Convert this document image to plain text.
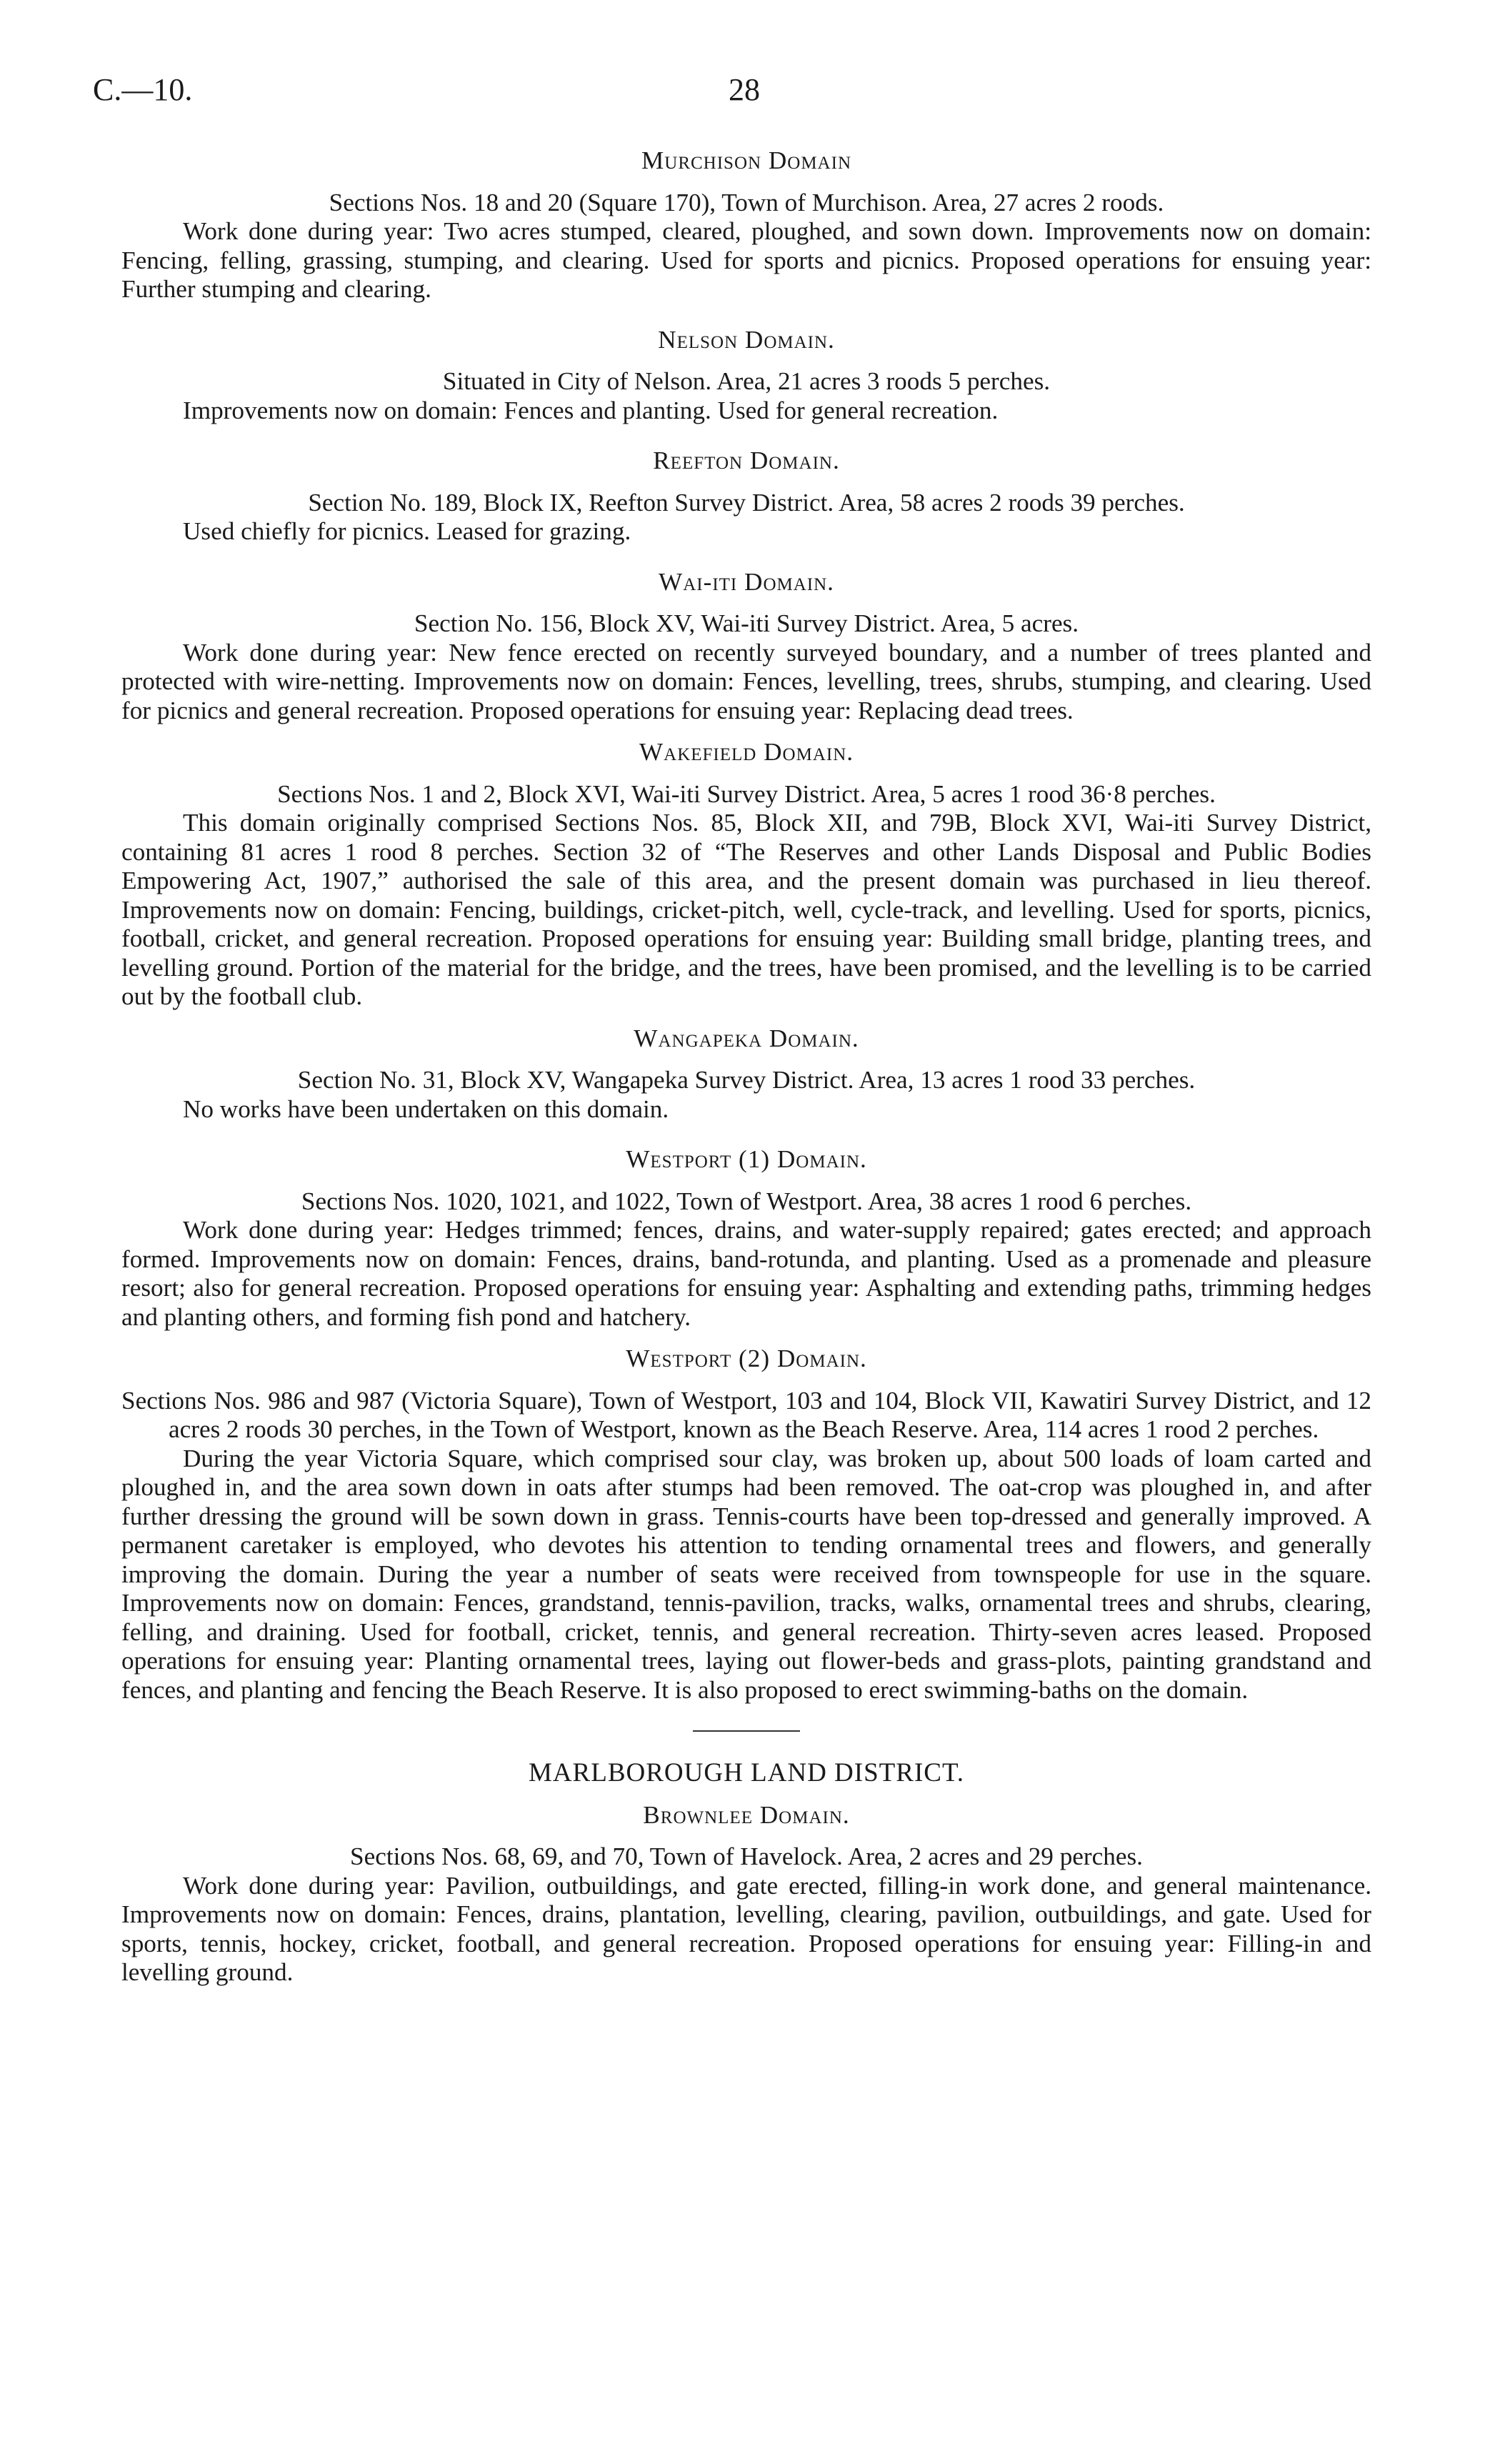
C.—10.	28

Murchison Domain

Sections Nos. 18 and 20 (Square 170), Town of Murchison. Area, 27 acres 2 roods.

Work done during year: Two acres stumped, cleared, ploughed, and sown down. Improvements now on domain: Fencing, felling, grassing, stumping, and clearing. Used for sports and picnics. Proposed operations for ensuing year: Further stumping and clearing.

Nelson Domain.

Situated in City of Nelson. Area, 21 acres 3 roods 5 perches.

Improvements now on domain: Fences and planting. Used for general recreation.

Reefton Domain.

Section No. 189, Block IX, Reefton Survey District. Area, 58 acres 2 roods 39 perches.

Used chiefly for picnics. Leased for grazing.

Wai-iti Domain.

Section No. 156, Block XV, Wai-iti Survey District. Area, 5 acres.

Work done during year: New fence erected on recently surveyed boundary, and a number of trees planted and protected with wire-netting. Improvements now on domain: Fences, levelling, trees, shrubs, stumping, and clearing. Used for picnics and general recreation. Proposed operations for ensuing year: Replacing dead trees.

Wakefield Domain.

Sections Nos. 1 and 2, Block XVI, Wai-iti Survey District. Area, 5 acres 1 rood 36·8 perches.

This domain originally comprised Sections Nos. 85, Block XII, and 79B, Block XVI, Wai-iti Survey District, containing 81 acres 1 rood 8 perches. Section 32 of “The Reserves and other Lands Disposal and Public Bodies Empowering Act, 1907,” authorised the sale of this area, and the present domain was purchased in lieu thereof. Improvements now on domain: Fencing, buildings, cricket-pitch, well, cycle-track, and levelling. Used for sports, picnics, football, cricket, and general recreation. Proposed operations for ensuing year: Building small bridge, planting trees, and levelling ground. Portion of the material for the bridge, and the trees, have been promised, and the levelling is to be carried out by the football club.

Wangapeka Domain.

Section No. 31, Block XV, Wangapeka Survey District. Area, 13 acres 1 rood 33 perches.

No works have been undertaken on this domain.

Westport (1) Domain.

Sections Nos. 1020, 1021, and 1022, Town of Westport. Area, 38 acres 1 rood 6 perches.

Work done during year: Hedges trimmed; fences, drains, and water-supply repaired; gates erected; and approach formed. Improvements now on domain: Fences, drains, band-rotunda, and planting. Used as a promenade and pleasure resort; also for general recreation. Proposed operations for ensuing year: Asphalting and extending paths, trimming hedges and planting others, and forming fish pond and hatchery.

Westport (2) Domain.

Sections Nos. 986 and 987 (Victoria Square), Town of Westport, 103 and 104, Block VII, Kawatiri Survey District, and 12 acres 2 roods 30 perches, in the Town of Westport, known as the Beach Reserve. Area, 114 acres 1 rood 2 perches.

During the year Victoria Square, which comprised sour clay, was broken up, about 500 loads of loam carted and ploughed in, and the area sown down in oats after stumps had been removed. The oat-crop was ploughed in, and after further dressing the ground will be sown down in grass. Tennis-courts have been top-dressed and generally improved. A permanent caretaker is employed, who devotes his attention to tending ornamental trees and flowers, and generally improving the domain. During the year a number of seats were received from townspeople for use in the square. Improvements now on domain: Fences, grandstand, tennis-pavilion, tracks, walks, ornamental trees and shrubs, clearing, felling, and draining. Used for football, cricket, tennis, and general recreation. Thirty-seven acres leased. Proposed operations for ensuing year: Planting ornamental trees, laying out flower-beds and grass-plots, painting grandstand and fences, and planting and fencing the Beach Reserve. It is also proposed to erect swimming-baths on the domain.

MARLBOROUGH LAND DISTRICT.

Brownlee Domain.

Sections Nos. 68, 69, and 70, Town of Havelock. Area, 2 acres and 29 perches.

Work done during year: Pavilion, outbuildings, and gate erected, filling-in work done, and general maintenance. Improvements now on domain: Fences, drains, plantation, levelling, clearing, pavilion, outbuildings, and gate. Used for sports, tennis, hockey, cricket, football, and general recreation. Proposed operations for ensuing year: Filling-in and levelling ground.
